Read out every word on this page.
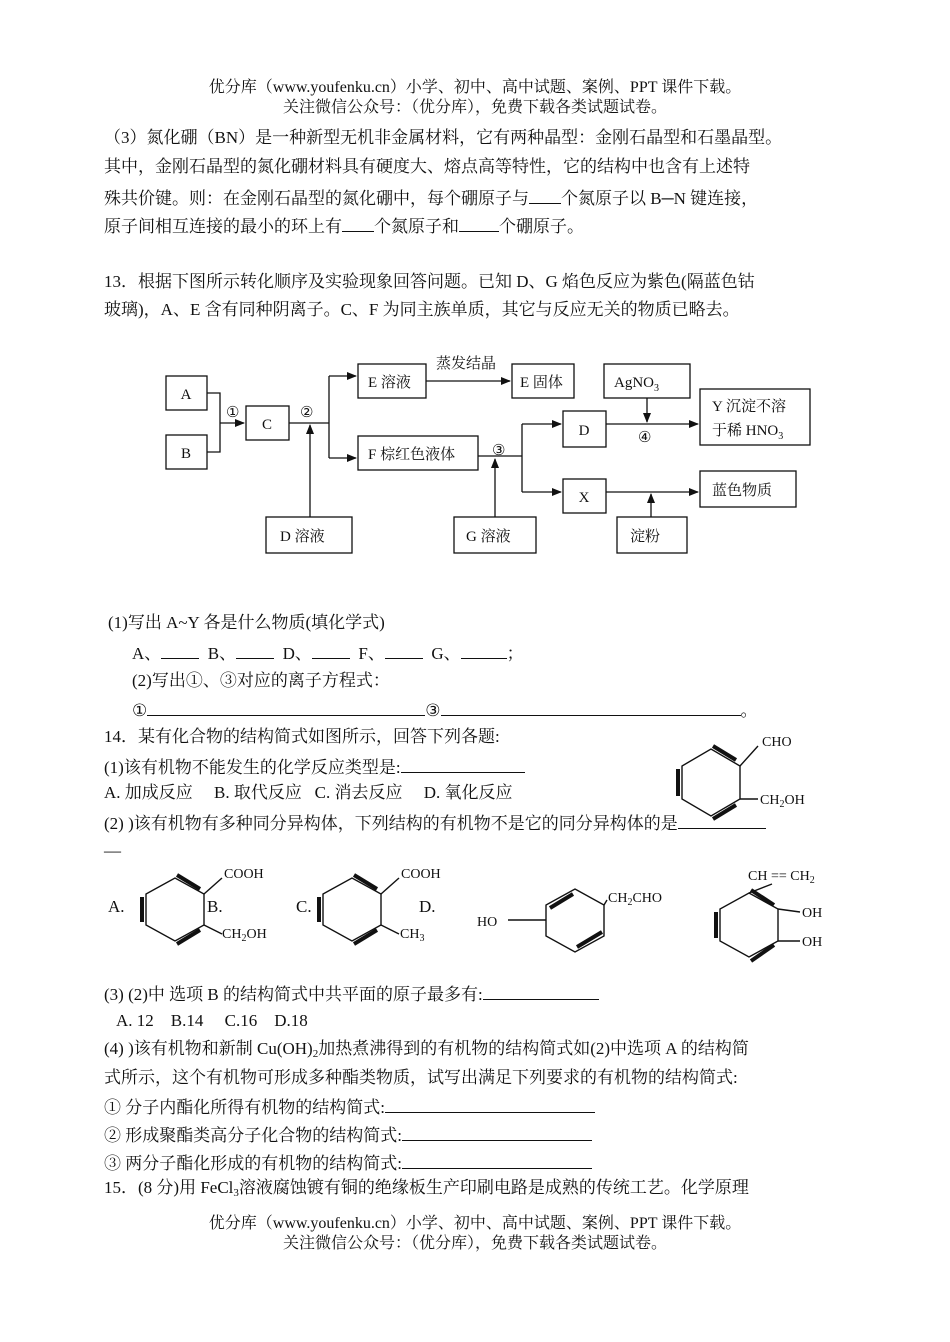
优分库（www.youfenku.cn）小学、初中、高中试题、案例、PPT 课件下载。
关注微信公众号：（优分库），免费下载各类试题试卷。
（3）氮化硼（BN）是一种新型无机非金属材料，它有两种晶型：金刚石晶型和石墨晶型。
其中，金刚石晶型的氮化硼材料具有硬度大、熔点高等特性，它的结构中也含有上述特
殊共价键。则：在金刚石晶型的氮化硼中，每个硼原子与 个氮原子以 B─N 键连接，
原子间相互连接的最小的环上有 个氮原子和 个硼原子。
13．根据下图所示转化顺序及实验现象回答问题。已知 D、G 焰色反应为紫色(隔蓝色钴
玻璃)，A、E 含有同种阴离子。C、F 为同主族单质，其它与反应无关的物质已略去。
A
B
C
①	②
③
④
E 溶液
蒸发结晶
E 固体
F 棕红色液体
D 溶液	G 溶液
D
X
AgNO$_3$
Y 沉淀不溶
于稀 $HNO_3$
蓝色物质
淀粉
(1)写出 A~Y 各是什么物质(填化学式)
A、	B、	D、	F、	G、	；
(2)写出①、③对应的离子方程式：
①	③	。
14．某有化合物的结构简式如图所示，回答下列各题:
(1)该有机物不能发生的化学反应类型是:
A. 加成反应     B. 取代反应   C. 消去反应     D. 氧化反应
(2) )该有机物有多种同分异构体，下列结构的有机物不是它的同分异构体的是
—
CHO
$CH_2OH$
A.
COOH
$CH_2OH$
B.	C.
COOH
$CH_3$
D.
HO
$CH_2CHO$
CH == $CH_2$
OH
OH
(3) (2)中 选项 B 的结构简式中共平面的原子最多有:
A. 12    B.14     C.16    D.18
(4) )该有机物和新制 $Cu(OH)_2$加热煮沸得到的有机物的结构简式如(2)中选项 A 的结构简
式所示，这个有机物可形成多种酯类物质，试写出满足下列要求的有机物的结构简式:
① 分子内酯化所得有机物的结构简式:
② 形成聚酯类高分子化合物的结构简式:
③ 两分子酯化形成的有机物的结构简式:
15．(8 分)用 FeCl$_3$溶液腐蚀镀有铜的绝缘板生产印刷电路是成熟的传统工艺。化学原理
优分库（www.youfenku.cn）小学、初中、高中试题、案例、PPT 课件下载。
关注微信公众号：（优分库），免费下载各类试题试卷。
